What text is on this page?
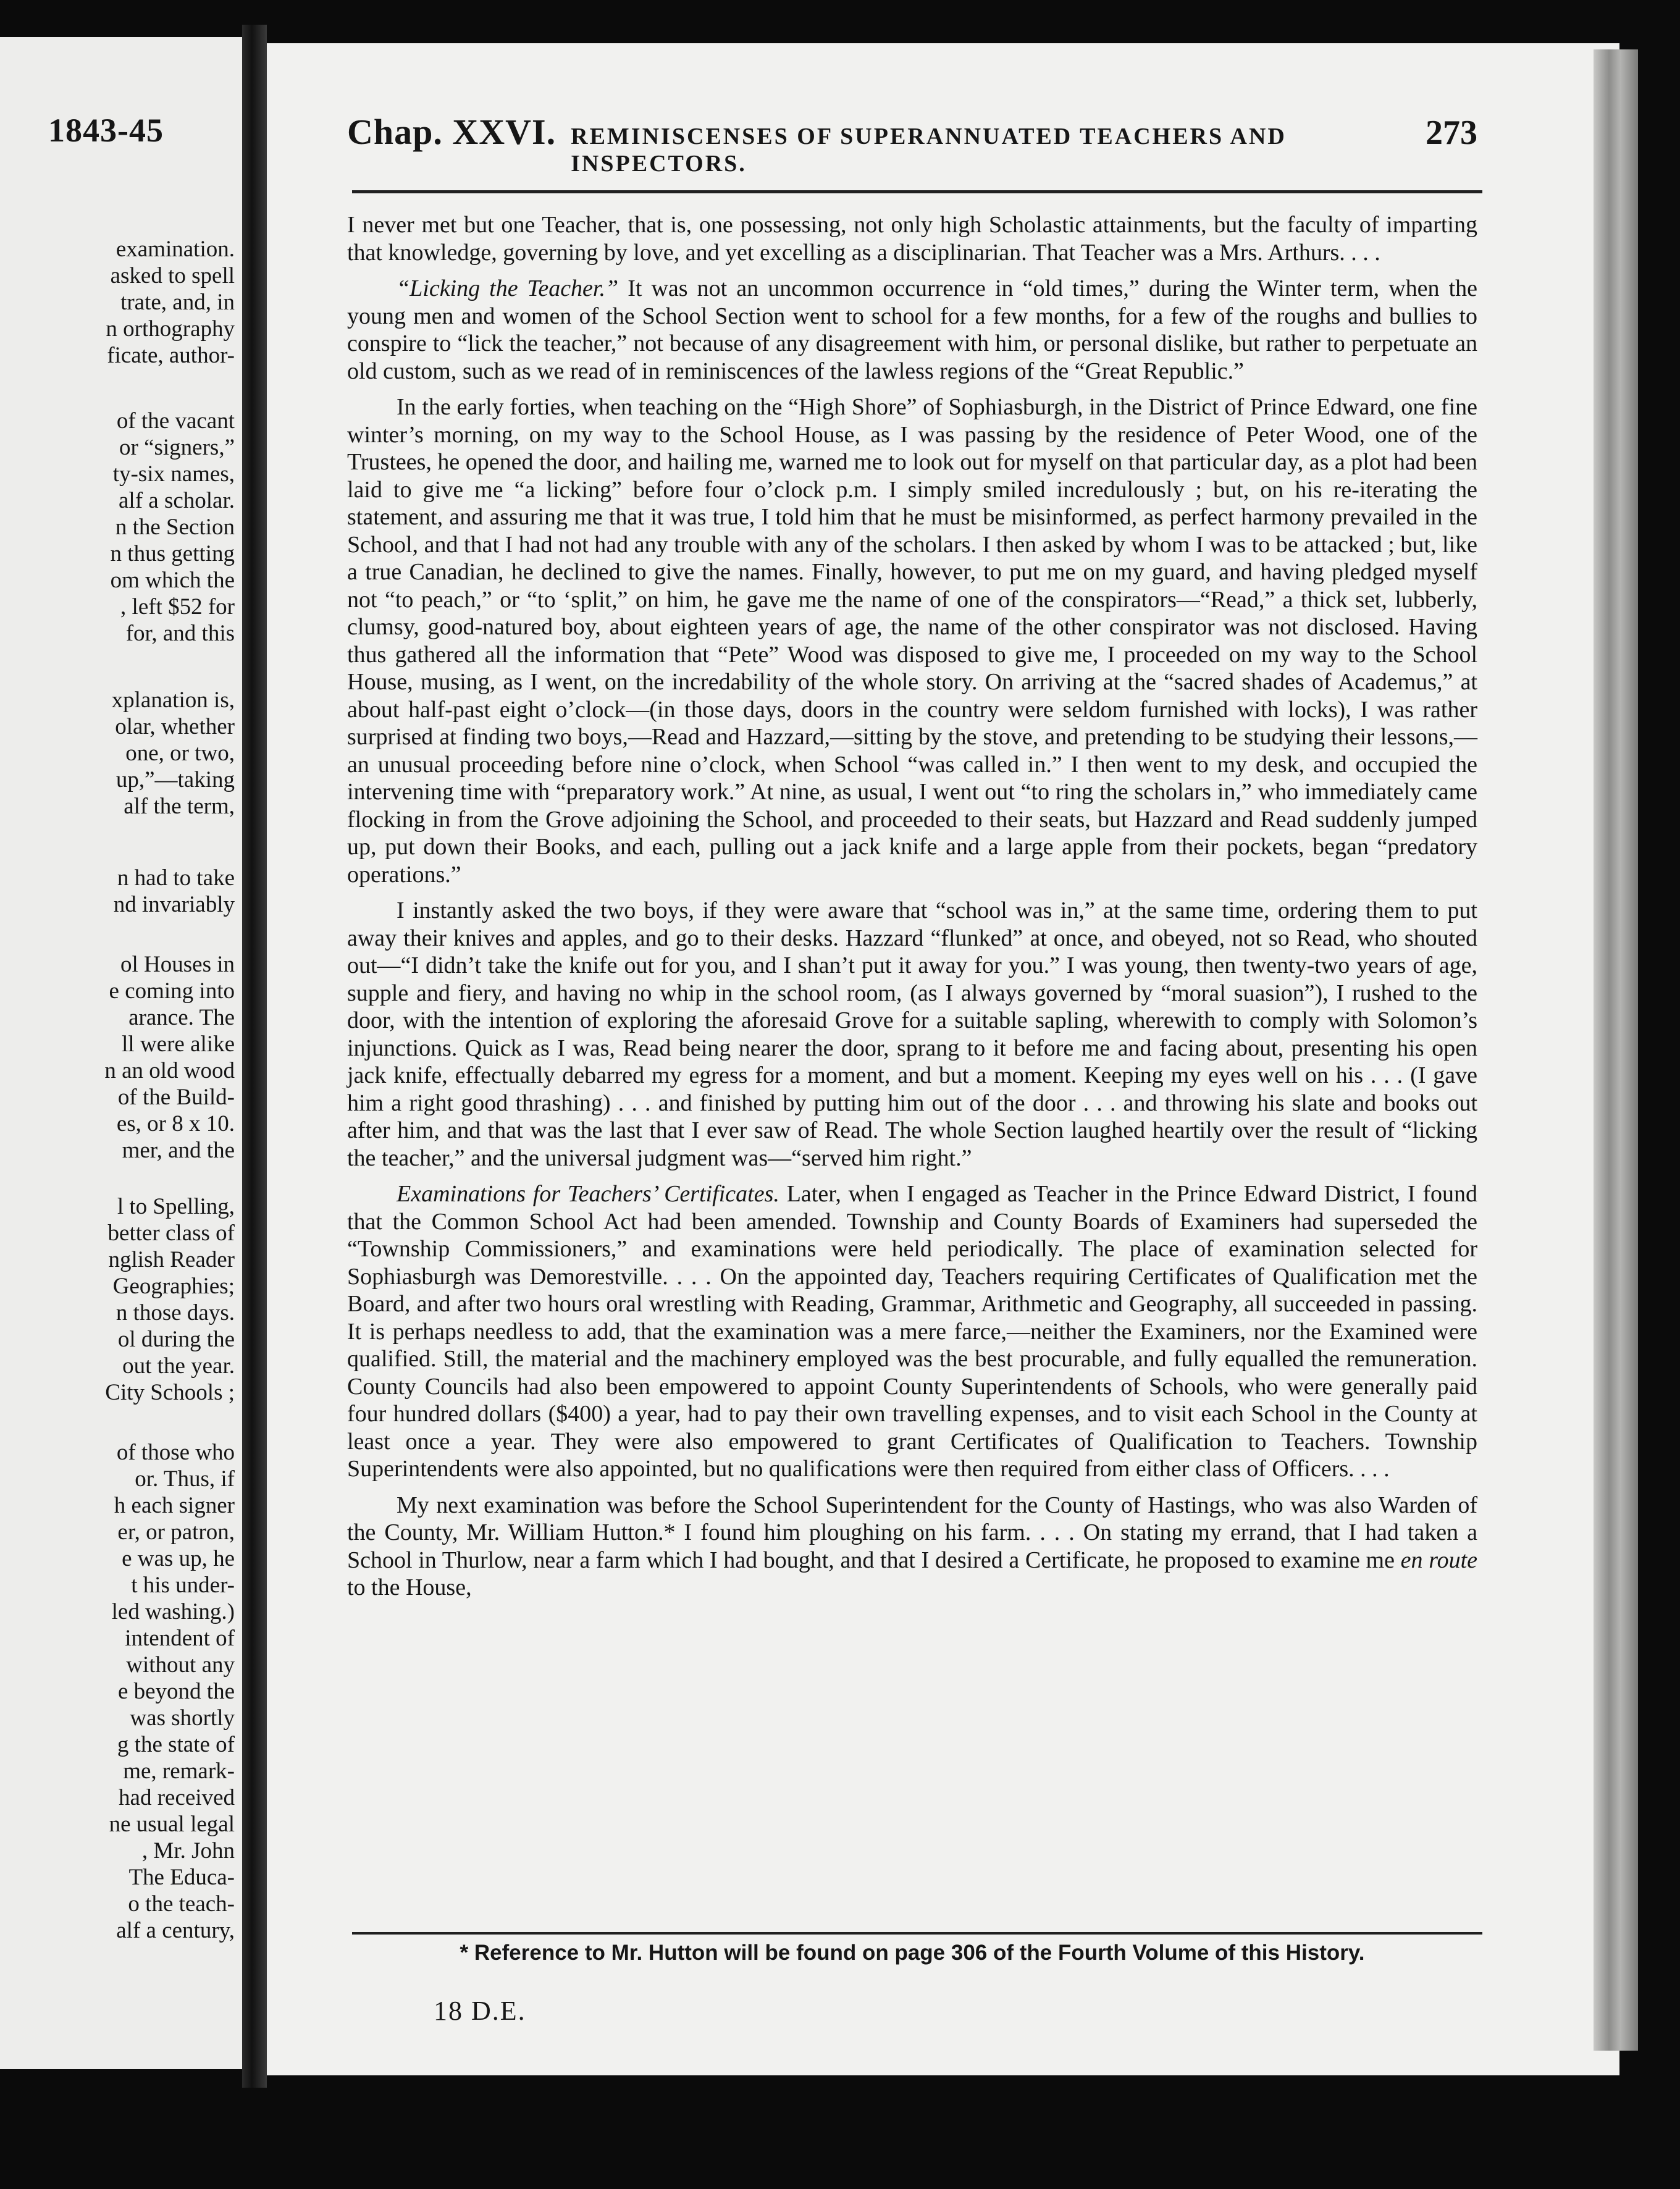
1843-45
examination.
asked to spell
trate, and, in
n orthography
ficate, author-
of the vacant
or “signers,”
ty-six names,
alf a scholar.
n the Section
n thus getting
om which the
, left $52 for
for, and this
xplanation is,
olar, whether
one, or two,
up,”—taking
alf the term,
n had to take
nd invariably
ol Houses in
e coming into
arance. The
ll were alike
n an old wood
of the Build-
es, or 8 x 10.
mer, and the
l to Spelling,
better class of
nglish Reader
Geographies;
n those days.
ol during the
out the year.
City Schools ;
of those who
or. Thus, if
h each signer
er, or patron,
e was up, he
t his under-
led washing.)
intendent of
without any
e beyond the
was shortly
g the state of
me, remark-
had received
ne usual legal
, Mr. John
The Educa-
o the teach-
alf a century,
Chap. XXVI. REMINISCENSES OF SUPERANNUATED TEACHERS AND INSPECTORS.
273

I never met but one Teacher, that is, one possessing, not only high Scholastic attainments, but the faculty of imparting that knowledge, governing by love, and yet excelling as a disciplinarian. That Teacher was a Mrs. Arthurs. . . .

“Licking the Teacher.” It was not an uncommon occurrence in “old times,” during the Winter term, when the young men and women of the School Section went to school for a few months, for a few of the roughs and bullies to conspire to “lick the teacher,” not because of any disagreement with him, or personal dislike, but rather to perpetuate an old custom, such as we read of in reminiscences of the lawless regions of the “Great Republic.”

In the early forties, when teaching on the “High Shore” of Sophiasburgh, in the District of Prince Edward, one fine winter’s morning, on my way to the School House, as I was passing by the residence of Peter Wood, one of the Trustees, he opened the door, and hailing me, warned me to look out for myself on that particular day, as a plot had been laid to give me “a licking” before four o’clock p.m. I simply smiled incredulously ; but, on his re-iterating the statement, and assuring me that it was true, I told him that he must be misinformed, as perfect harmony prevailed in the School, and that I had not had any trouble with any of the scholars. I then asked by whom I was to be attacked ; but, like a true Canadian, he declined to give the names. Finally, however, to put me on my guard, and having pledged myself not “to peach,” or “to ‘split,” on him, he gave me the name of one of the conspirators—“Read,” a thick set, lubberly, clumsy, good-natured boy, about eighteen years of age, the name of the other conspirator was not disclosed. Having thus gathered all the information that “Pete” Wood was disposed to give me, I proceeded on my way to the School House, musing, as I went, on the incredability of the whole story. On arriving at the “sacred shades of Academus,” at about half-past eight o’clock—(in those days, doors in the country were seldom furnished with locks), I was rather surprised at finding two boys,—Read and Hazzard,—sitting by the stove, and pretending to be studying their lessons,—an unusual proceeding before nine o’clock, when School “was called in.” I then went to my desk, and occupied the intervening time with “preparatory work.” At nine, as usual, I went out “to ring the scholars in,” who immediately came flocking in from the Grove adjoining the School, and proceeded to their seats, but Hazzard and Read suddenly jumped up, put down their Books, and each, pulling out a jack knife and a large apple from their pockets, began “predatory operations.”

I instantly asked the two boys, if they were aware that “school was in,” at the same time, ordering them to put away their knives and apples, and go to their desks. Hazzard “flunked” at once, and obeyed, not so Read, who shouted out—“I didn’t take the knife out for you, and I shan’t put it away for you.” I was young, then twenty-two years of age, supple and fiery, and having no whip in the school room, (as I always governed by “moral suasion”), I rushed to the door, with the intention of exploring the aforesaid Grove for a suitable sapling, wherewith to comply with Solomon’s injunctions. Quick as I was, Read being nearer the door, sprang to it before me and facing about, presenting his open jack knife, effectually debarred my egress for a moment, and but a moment. Keeping my eyes well on his . . . (I gave him a right good thrashing) . . . and finished by putting him out of the door . . . and throwing his slate and books out after him, and that was the last that I ever saw of Read. The whole Section laughed heartily over the result of “licking the teacher,” and the universal judgment was—“served him right.”

Examinations for Teachers’ Certificates. Later, when I engaged as Teacher in the Prince Edward District, I found that the Common School Act had been amended. Township and County Boards of Examiners had superseded the “Township Commissioners,” and examinations were held periodically. The place of examination selected for Sophiasburgh was Demorestville. . . . On the appointed day, Teachers requiring Certificates of Qualification met the Board, and after two hours oral wrestling with Reading, Grammar, Arithmetic and Geography, all succeeded in passing. It is perhaps needless to add, that the examination was a mere farce,—neither the Examiners, nor the Examined were qualified. Still, the material and the machinery employed was the best procurable, and fully equalled the remuneration. County Councils had also been empowered to appoint County Superintendents of Schools, who were generally paid four hundred dollars ($400) a year, had to pay their own travelling expenses, and to visit each School in the County at least once a year. They were also empowered to grant Certificates of Qualification to Teachers. Township Superintendents were also appointed, but no qualifications were then required from either class of Officers. . . .

My next examination was before the School Superintendent for the County of Hastings, who was also Warden of the County, Mr. William Hutton.* I found him ploughing on his farm. . . . On stating my errand, that I had taken a School in Thurlow, near a farm which I had bought, and that I desired a Certificate, he proposed to examine me en route to the House,

* Reference to Mr. Hutton will be found on page 306 of the Fourth Volume of this History.
18 D.E.
